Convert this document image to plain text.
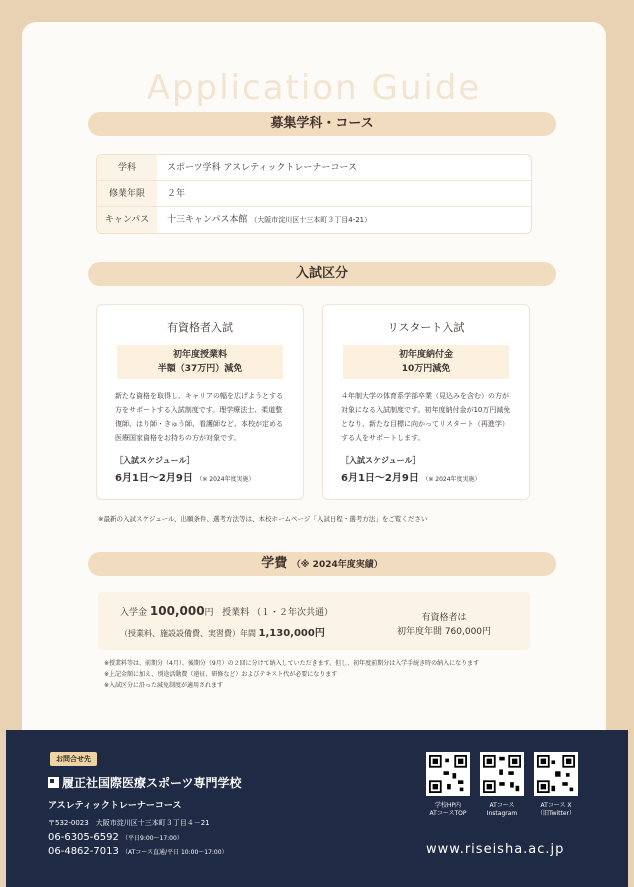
Application Guide
募集学科・コース
学科	スポーツ学科 アスレティックトレーナーコース
修業年限	２年
キャンパス	十三キャンパス本館 （大阪市淀川区十三本町３丁目4-21）
入試区分
有資格者入試
初年度授業料
半額（37万円）減免

新たな資格を取得し、キャリアの幅を広げようとする方をサポートする入試制度です。理学療法士、柔道整復師、はり師・きゅう師、看護師など、本校が定める医療国家資格をお持ちの方が対象です。

［入試スケジュール］
6月1日～2月9日 （※ 2024年度実施）
リスタート入試
初年度納付金
10万円減免

４年制大学の体育系学部卒業（見込みを含む）の方が対象になる入試制度です。初年度納付金が10万円減免となり、新たな目標に向かってリスタート（再進学）する人をサポートします。

［入試スケジュール］
6月1日～2月9日 （※ 2024年度実施）
※最新の入試スケジュール、出願条件、選考方法等は、本校ホームページ「入試日程・選考方法」をご覧ください
学費 （※ 2024年度実績）
入学金 100,000円 授業料 （１・２年次共通）
（授業料、施設設備費、実習費）年間 1,130,000円
有資格者は
初年度年間 760,000円
※授業料等は、前期分（4月）、後期分（9月）の２回に分けて納入していただきます。但し、初年度前期分は入学手続き時の納入になります
※上記金額に加え、別途活動費（遠征、研修など）およびテキスト代が必要になります
※入試区分に沿った減免制度が適用されます
お問合せ先
履正社国際医療スポーツ専門学校
アスレティックトレーナーコース
〒532-0023　大阪市淀川区十三本町３丁目４－21
06-6305-6592 （平日9:00～17:00）
06-4862-7013 （ATコース直通/平日 10:00～17:00）
学校HP内
ATコースTOP
ATコース
Instagram
ATコース X
（旧Twitter）
www.riseisha.ac.jp
